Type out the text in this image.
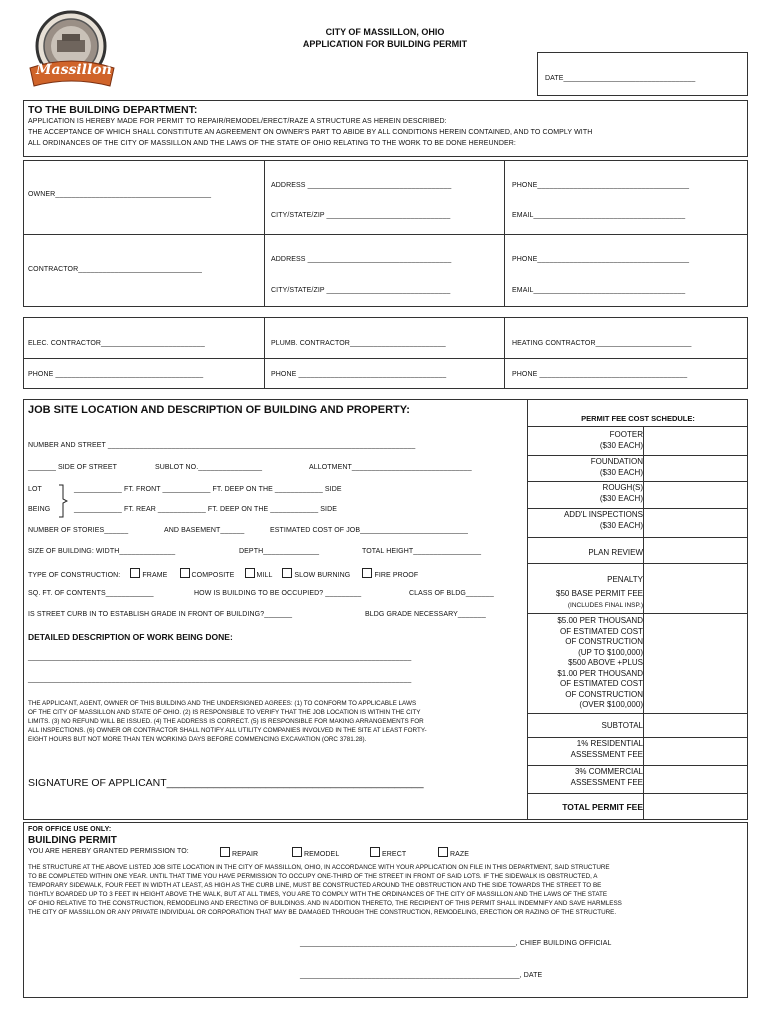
Massillon
CITY OF MASSILLON, OHIO
APPLICATION FOR BUILDING PERMIT
DATE_________________________________
TO THE BUILDING DEPARTMENT:
APPLICATION IS HEREBY MADE FOR PERMIT TO REPAIR/REMODEL/ERECT/RAZE A STRUCTURE AS HEREIN DESCRIBED:
THE ACCEPTANCE OF WHICH SHALL CONSTITUTE AN AGREEMENT ON OWNER'S PART TO ABIDE BY ALL CONDITIONS HEREIN CONTAINED, AND TO COMPLY WITH
ALL ORDINANCES OF THE CITY OF MASSILLON AND THE LAWS OF THE STATE OF OHIO RELATING TO THE WORK TO BE DONE HEREUNDER:
OWNER_______________________________________
ADDRESS ____________________________________	PHONE______________________________________
CITY/STATE/ZIP _______________________________	EMAIL______________________________________
CONTRACTOR_______________________________
ADDRESS ____________________________________	PHONE______________________________________
CITY/STATE/ZIP _______________________________	EMAIL______________________________________
ELEC. CONTRACTOR__________________________	PLUMB. CONTRACTOR________________________	HEATING CONTRACTOR________________________
PHONE _____________________________________	PHONE _____________________________________	PHONE _____________________________________
JOB SITE LOCATION AND DESCRIPTION OF BUILDING AND PROPERTY:
NUMBER AND STREET _____________________________________________________________________________
_______ SIDE OF STREET	SUBLOT NO.________________	ALLOTMENT______________________________
LOT
BEING
____________ FT. FRONT ____________ FT. DEEP ON THE ____________ SIDE
____________ FT. REAR ____________ FT. DEEP ON THE ____________ SIDE
NUMBER OF STORIES______	AND BASEMENT______	ESTIMATED COST OF JOB___________________________
SIZE OF BUILDING: WIDTH______________	DEPTH______________	TOTAL HEIGHT_________________
TYPE OF CONSTRUCTION:	FRAME	COMPOSITE	MILL	SLOW BURNING	FIRE PROOF
SQ. FT. OF CONTENTS____________	HOW IS BUILDING TO BE OCCUPIED? _________	CLASS OF BLDG_______
IS STREET CURB IN TO ESTABLISH GRADE IN FRONT OF BUILDING?_______	BLDG GRADE NECESSARY_______
DETAILED DESCRIPTION OF WORK BEING DONE:
________________________________________________________________________________________________
________________________________________________________________________________________________
THE APPLICANT, AGENT, OWNER OF THIS BUILDING AND THE UNDERSIGNED AGREES: (1) TO CONFORM TO APPLICABLE LAWS
OF THE CITY OF MASSILLON AND STATE OF OHIO. (2) IS RESPONSIBLE TO VERIFY THAT THE JOB LOCATION IS WITHIN THE CITY
LIMITS. (3) NO REFUND WILL BE ISSUED. (4) THE ADDRESS IS CORRECT. (5) IS RESPONSIBLE FOR MAKING ARRANGEMENTS FOR
ALL INSPECTIONS. (6) OWNER OR CONTRACTOR SHALL NOTIFY ALL UTILITY COMPANIES INVOLVED IN THE SITE AT LEAST FORTY-
EIGHT HOURS BUT NOT MORE THAN TEN WORKING DAYS BEFORE COMMENCING EXCAVATION (ORC 3781.28).
SIGNATURE OF APPLICANT____________________________________________
PERMIT FEE COST SCHEDULE:
FOOTER
($30 EACH)
FOUNDATION
($30 EACH)
ROUGH(S)
($30 EACH)
ADD'L INSPECTIONS
($30 EACH)
PLAN REVIEW
PENALTY
$50 BASE PERMIT FEE
(INCLUDES FINAL INSP.)
$5.00 PER THOUSAND
OF ESTIMATED COST
OF CONSTRUCTION
(UP TO $100,000)
$500 ABOVE +PLUS
$1.00 PER THOUSAND
OF ESTIMATED COST
OF CONSTRUCTION
(OVER $100,000)
SUBTOTAL
1% RESIDENTIAL
ASSESSMENT FEE
3% COMMERCIAL
ASSESSMENT FEE
TOTAL PERMIT FEE
FOR OFFICE USE ONLY:
BUILDING PERMIT
YOU ARE HEREBY GRANTED PERMISSION TO:	REPAIR	REMODEL	ERECT	RAZE
THE STRUCTURE AT THE ABOVE LISTED JOB SITE LOCATION IN THE CITY OF MASSILLON, OHIO, IN ACCORDANCE WITH YOUR APPLICATION ON FILE IN THIS DEPARTMENT, SAID STRUCTURE
TO BE COMPLETED WITHIN ONE YEAR. UNTIL THAT TIME YOU HAVE PERMISSION TO OCCUPY ONE-THIRD OF THE STREET IN FRONT OF SAID LOTS. IF THE SIDEWALK IS OBSTRUCTED, A
TEMPORARY SIDEWALK, FOUR FEET IN WIDTH AT LEAST, AS HIGH AS THE CURB LINE, MUST BE CONSTRUCTED AROUND THE OBSTRUCTION AND THE SIDE TOWARDS THE STREET TO BE
TIGHTLY BOARDED UP TO 3 FEET IN HEIGHT ABOVE THE WALK, BUT AT ALL TIMES, YOU ARE TO COMPLY WITH THE ORDINANCES OF THE CITY OF MASSILLON AND THE LAWS OF THE STATE
OF OHIO RELATIVE TO THE CONSTRUCTION, REMODELING AND ERECTING OF BUILDINGS. AND IN ADDITION THERETO, THE RECIPIENT OF THIS PERMIT SHALL INDEMNIFY AND SAVE HARMLESS
THE CITY OF MASSILLON OR ANY PRIVATE INDIVIDUAL OR CORPORATION THAT MAY BE DAMAGED THROUGH THE CONSTRUCTION, REMODELING, ERECTION OR RAZING OF THE STRUCTURE.
______________________________________________________, CHIEF BUILDING OFFICIAL
_______________________________________________________, DATE
